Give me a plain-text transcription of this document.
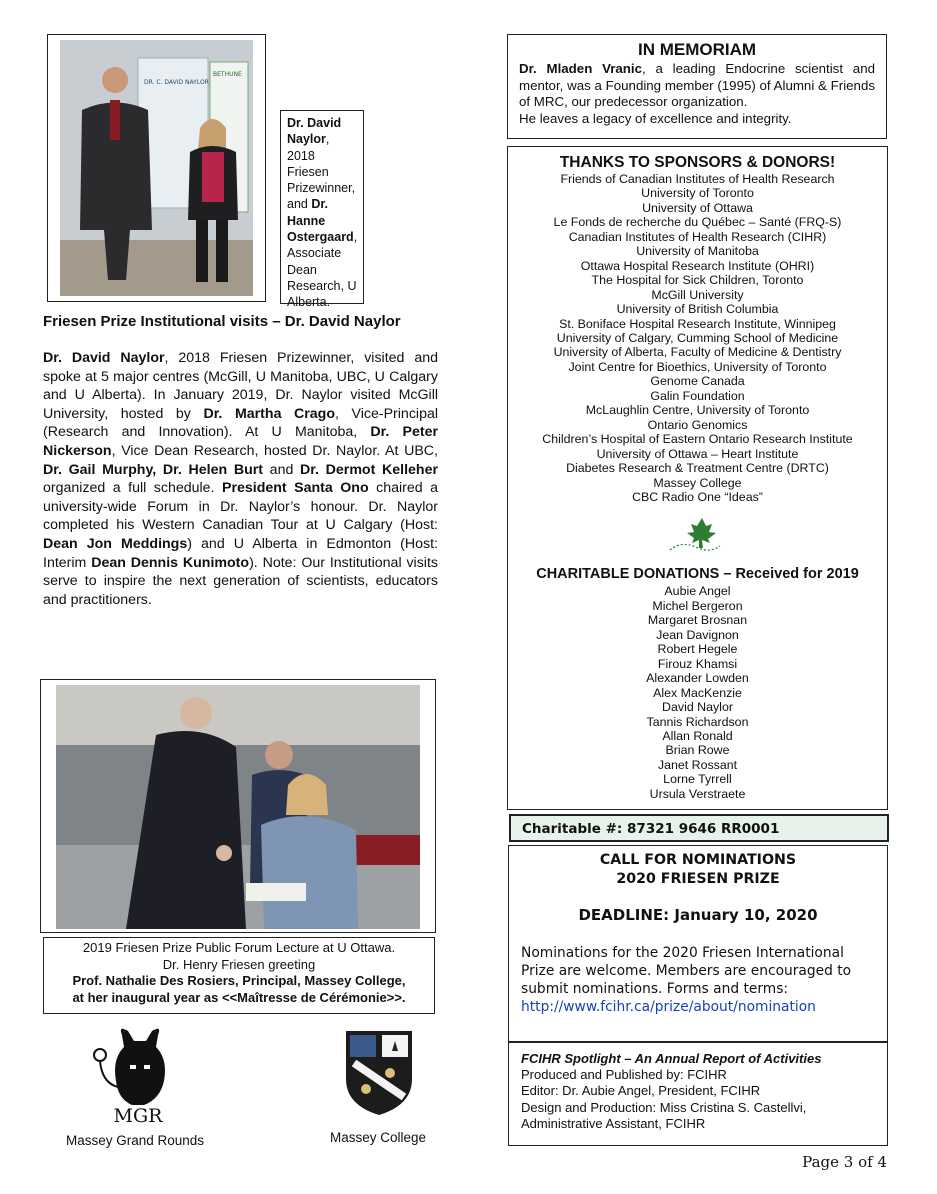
DR. C. DAVID NAYLOR
BETHUNE
Dr. David Naylor, 2018 Friesen Prizewinner, and Dr. Hanne Ostergaard, Associate Dean Research, U Alberta.
Friesen Prize Institutional visits – Dr. David Naylor
Dr. David Naylor, 2018 Friesen Prizewinner, visited and spoke at 5 major centres (McGill, U Manitoba, UBC, U Calgary and U Alberta). In January 2019, Dr. Naylor visited McGill University, hosted by Dr. Martha Crago, Vice-Principal (Research and Innovation). At U Manitoba, Dr. Peter Nickerson, Vice Dean Research, hosted Dr. Naylor. At UBC, Dr. Gail Murphy, Dr. Helen Burt and Dr. Dermot Kelleher organized a full schedule. President Santa Ono chaired a university-wide Forum in Dr. Naylor’s honour. Dr. Naylor completed his Western Canadian Tour at U Calgary (Host: Dean Jon Meddings) and U Alberta in Edmonton (Host: Interim Dean Dennis Kunimoto). Note: Our Institutional visits serve to inspire the next generation of scientists, educators and practitioners.
2019 Friesen Prize Public Forum Lecture at U Ottawa.
Dr. Henry Friesen greeting
Prof. Nathalie Des Rosiers, Principal, Massey College,
at her inaugural year as <<Maîtresse de Cérémonie>>.
MGR
Massey Grand Rounds	Massey College
IN MEMORIAM
Dr. Mladen Vranic, a leading Endocrine scientist and mentor, was a Founding member (1995) of Alumni & Friends of MRC, our predecessor organization.
He leaves a legacy of excellence and integrity.
THANKS TO SPONSORS & DONORS!
Friends of Canadian Institutes of Health Research
University of Toronto
University of Ottawa
Le Fonds de recherche du Québec – Santé (FRQ-S)
Canadian Institutes of Health Research (CIHR)
University of Manitoba
Ottawa Hospital Research Institute (OHRI)
The Hospital for Sick Children, Toronto
McGill University
University of British Columbia
St. Boniface Hospital Research Institute, Winnipeg
University of Calgary, Cumming School of Medicine
University of Alberta, Faculty of Medicine & Dentistry
Joint Centre for Bioethics, University of Toronto
Genome Canada
Galin Foundation
McLaughlin Centre, University of Toronto
Ontario Genomics
Children’s Hospital of Eastern Ontario Research Institute
University of Ottawa – Heart Institute
Diabetes Research & Treatment Centre (DRTC)
Massey College
CBC Radio One “Ideas”
CHARITABLE DONATIONS – Received for 2019
Aubie Angel
Michel Bergeron
Margaret Brosnan
Jean Davignon
Robert Hegele
Firouz Khamsi
Alexander Lowden
Alex MacKenzie
David Naylor
Tannis Richardson
Allan Ronald
Brian Rowe
Janet Rossant
Lorne Tyrrell
Ursula Verstraete
Charitable #: 87321 9646 RR0001
CALL FOR NOMINATIONS
2020 FRIESEN PRIZE
DEADLINE: January 10, 2020
Nominations for the 2020 Friesen International Prize are welcome. Members are encouraged to submit nominations. Forms and terms:
http://www.fcihr.ca/prize/about/nomination
FCIHR Spotlight – An Annual Report of Activities
Produced and Published by: FCIHR
Editor: Dr. Aubie Angel, President, FCIHR
Design and Production: Miss Cristina S. Castellvi,
Administrative Assistant, FCIHR
Page 3 of 4
